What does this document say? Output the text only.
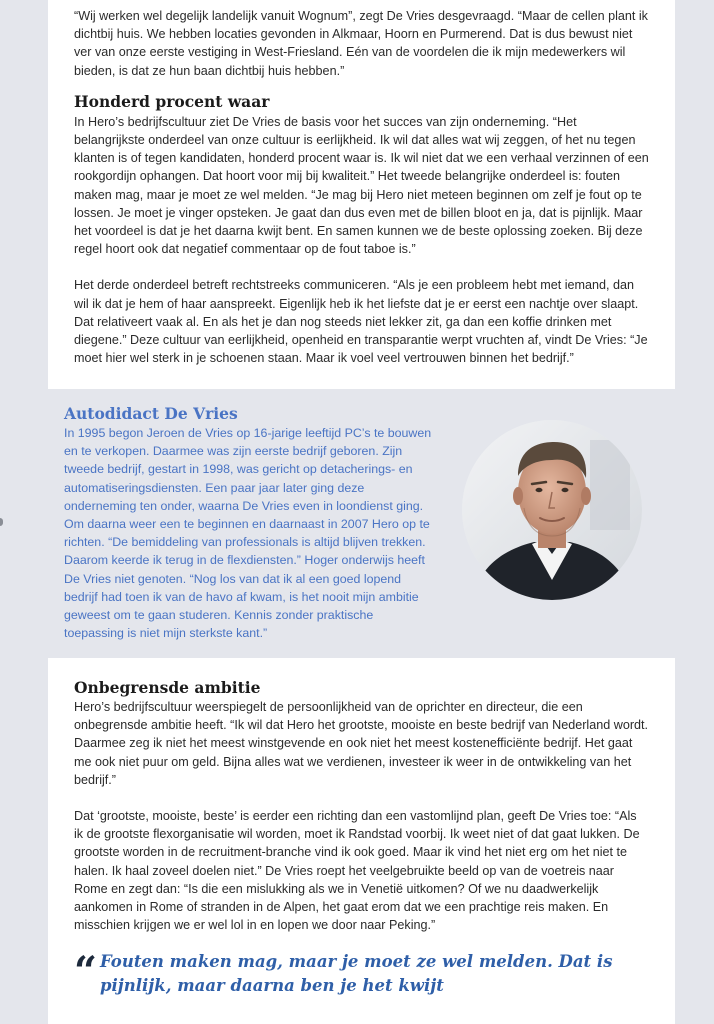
“Wij werken wel degelijk landelijk vanuit Wognum”, zegt De Vries desgevraagd. “Maar de cellen plant ik dichtbij huis. We hebben locaties gevonden in Alkmaar, Hoorn en Purmerend. Dat is dus bewust niet ver van onze eerste vestiging in West-Friesland. Eén van de voordelen die ik mijn medewerkers wil bieden, is dat ze hun baan dichtbij huis hebben.”

Honderd procent waar

In Hero’s bedrijfscultuur ziet De Vries de basis voor het succes van zijn onderneming. “Het belangrijkste onderdeel van onze cultuur is eerlijkheid. Ik wil dat alles wat wij zeggen, of het nu tegen klanten is of tegen kandidaten, honderd procent waar is. Ik wil niet dat we een verhaal verzinnen of een rookgordijn ophangen. Dat hoort voor mij bij kwaliteit.” Het tweede belangrijke onderdeel is: fouten maken mag, maar je moet ze wel melden. “Je mag bij Hero niet meteen beginnen om zelf je fout op te lossen. Je moet je vinger opsteken. Je gaat dan dus even met de billen bloot en ja, dat is pijnlijk. Maar het voordeel is dat je het daarna kwijt bent. En samen kunnen we de beste oplossing zoeken. Bij deze regel hoort ook dat negatief commentaar op de fout taboe is.”

Het derde onderdeel betreft rechtstreeks communiceren. “Als je een probleem hebt met iemand, dan wil ik dat je hem of haar aanspreekt. Eigenlijk heb ik het liefste dat je er eerst een nachtje over slaapt. Dat relativeert vaak al. En als het je dan nog steeds niet lekker zit, ga dan een koffie drinken met diegene.” Deze cultuur van eerlijkheid, openheid en transparantie werpt vruchten af, vindt De Vries: “Je moet hier wel sterk in je schoenen staan. Maar ik voel veel vertrouwen binnen het bedrijf.”

Autodidact De Vries

In 1995 begon Jeroen de Vries op 16-jarige leeftijd PC’s te bouwen en te verkopen. Daarmee was zijn eerste bedrijf geboren. Zijn tweede bedrijf, gestart in 1998, was gericht op detacherings- en automatiseringsdiensten. Een paar jaar later ging deze onderneming ten onder, waarna De Vries even in loondienst ging. Om daarna weer een te beginnen en daarnaast in 2007 Hero op te richten. “De bemiddeling van professionals is altijd blijven trekken. Daarom keerde ik terug in de flexdiensten.” Hoger onderwijs heeft De Vries niet genoten. “Nog los van dat ik al een goed lopend bedrijf had toen ik van de havo af kwam, is het nooit mijn ambitie geweest om te gaan studeren. Kennis zonder praktische toepassing is niet mijn sterkste kant.”

Onbegrensde ambitie

Hero’s bedrijfscultuur weerspiegelt de persoonlijkheid van de oprichter en directeur, die een onbegrensde ambitie heeft. “Ik wil dat Hero het grootste, mooiste en beste bedrijf van Nederland wordt. Daarmee zeg ik niet het meest winstgevende en ook niet het meest kostenefficiënte bedrijf. Het gaat me ook niet puur om geld. Bijna alles wat we verdienen, investeer ik weer in de ontwikkeling van het bedrijf.”

Dat ‘grootste, mooiste, beste’ is eerder een richting dan een vastomlijnd plan, geeft De Vries toe: “Als ik de grootste flexorganisatie wil worden, moet ik Randstad voorbij. Ik weet niet of dat gaat lukken. De grootste worden in de recruitment-branche vind ik ook goed. Maar ik vind het niet erg om het niet te halen. Ik haal zoveel doelen niet.” De Vries roept het veelgebruikte beeld op van de voetreis naar Rome en zegt dan: “Is die een mislukking als we in Venetië uitkomen? Of we nu daadwerkelijk aankomen in Rome of stranden in de Alpen, het gaat erom dat we een prachtige reis maken. En misschien krijgen we er wel lol in en lopen we door naar Peking.”

“ Fouten maken mag, maar je moet ze wel melden. Dat is pijnlijk, maar daarna ben je het kwijt
